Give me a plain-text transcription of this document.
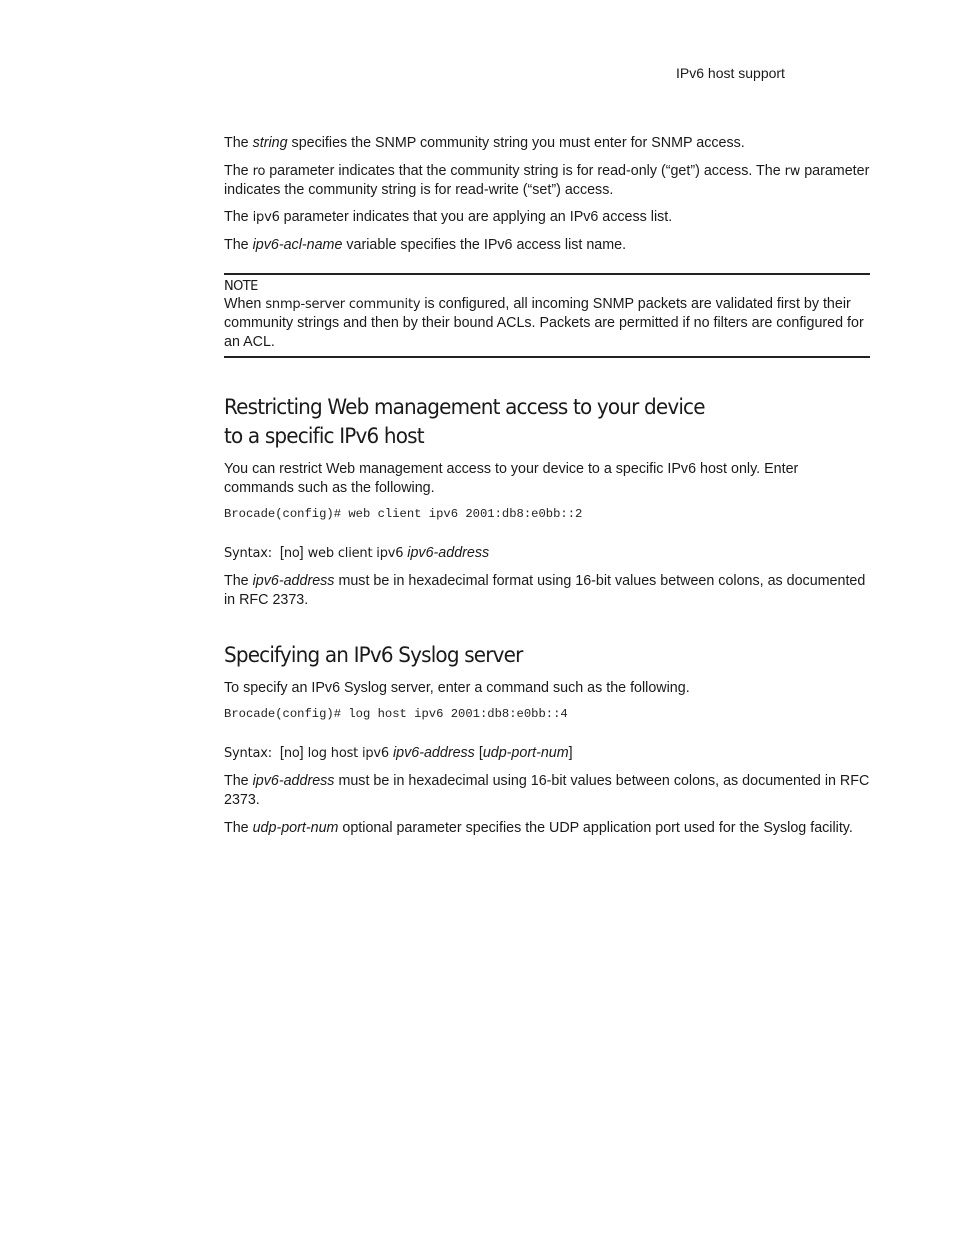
IPv6 host support

The string specifies the SNMP community string you must enter for SNMP access.

The ro parameter indicates that the community string is for read-only (“get”) access. The rw parameter indicates the community string is for read-write (“set”) access.

The ipv6 parameter indicates that you are applying an IPv6 access list.

The ipv6-acl-name variable specifies the IPv6 access list name.

NOTE

When snmp-server community is configured, all incoming SNMP packets are validated first by their community strings and then by their bound ACLs. Packets are permitted if no filters are configured for an ACL.

Restricting Web management access to your device
to a specific IPv6 host

You can restrict Web management access to your device to a specific IPv6 host only. Enter commands such as the following.

Brocade(config)# web client ipv6 2001:db8:e0bb::2
Syntax: [no] web client ipv6 ipv6-address

The ipv6-address must be in hexadecimal format using 16-bit values between colons, as documented in RFC 2373.

Specifying an IPv6 Syslog server

To specify an IPv6 Syslog server, enter a command such as the following.

Brocade(config)# log host ipv6 2001:db8:e0bb::4
Syntax: [no] log host ipv6 ipv6-address [udp-port-num]

The ipv6-address must be in hexadecimal using 16-bit values between colons, as documented in RFC 2373.

The udp-port-num optional parameter specifies the UDP application port used for the Syslog facility.
